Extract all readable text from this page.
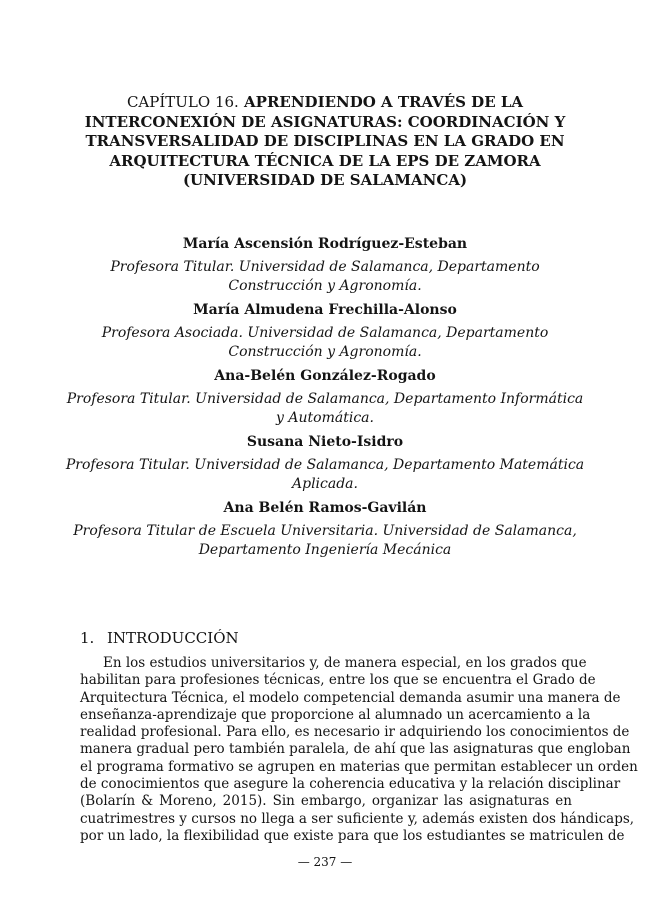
CAPÍTULO 16. APRENDIENDO A TRAVÉS DE LA
INTERCONEXIÓN DE ASIGNATURAS: COORDINACIÓN Y
TRANSVERSALIDAD DE DISCIPLINAS EN LA GRADO EN
ARQUITECTURA TÉCNICA DE LA EPS DE ZAMORA
(UNIVERSIDAD DE SALAMANCA)

María Ascensión Rodríguez-Esteban

Profesora Titular. Universidad de Salamanca, Departamento
Construcción y Agronomía.

María Almudena Frechilla-Alonso

Profesora Asociada. Universidad de Salamanca, Departamento
Construcción y Agronomía.

Ana-Belén González-Rogado

Profesora Titular. Universidad de Salamanca, Departamento Informática
y Automática.

Susana Nieto-Isidro

Profesora Titular. Universidad de Salamanca, Departamento Matemática
Aplicada.

Ana Belén Ramos-Gavilán

Profesora Titular de Escuela Universitaria. Universidad de Salamanca,
Departamento Ingeniería Mecánica

1. INTRODUCCIÓN
En los estudios universitarios y, de manera especial, en los grados que
habilitan para profesiones técnicas, entre los que se encuentra el Grado de
Arquitectura Técnica, el modelo competencial demanda asumir una manera de
enseñanza-aprendizaje que proporcione al alumnado un acercamiento a la
realidad profesional. Para ello, es necesario ir adquiriendo los conocimientos de
manera gradual pero también paralela, de ahí que las asignaturas que engloban
el programa formativo se agrupen en materias que permitan establecer un orden
de conocimientos que asegure la coherencia educativa y la relación disciplinar
(Bolarín & Moreno, 2015). Sin embargo, organizar las asignaturas en
cuatrimestres y cursos no llega a ser suficiente y, además existen dos hándicaps,
por un lado, la flexibilidad que existe para que los estudiantes se matriculen de

— 237 —
